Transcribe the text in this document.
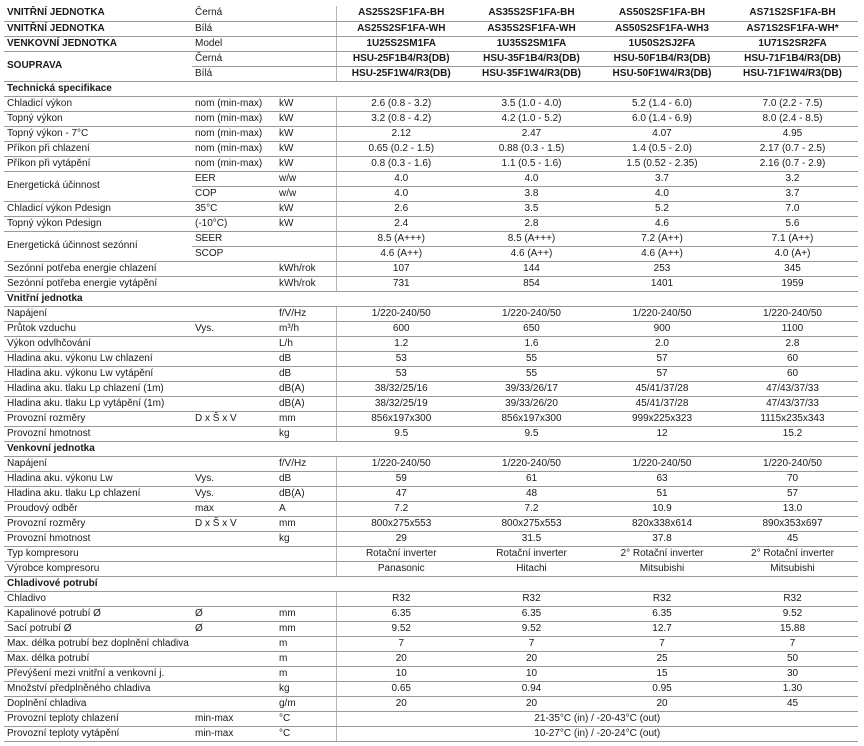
VNITŘNÍ JEDNOTKA	Černá		AS25S2SF1FA-BH	AS35S2SF1FA-BH	AS50S2SF1FA-BH	AS71S2SF1FA-BH
VNITŘNÍ JEDNOTKA	Bílá		AS25S2SF1FA-WH	AS35S2SF1FA-WH	AS50S2SF1FA-WH3	AS71S2SF1FA-WH*
VENKOVNÍ JEDNOTKA	Model		1U25S2SM1FA	1U35S2SM1FA	1U50S2SJ2FA	1U71S2SR2FA
SOUPRAVA	Černá		HSU-25F1B4/R3(DB)	HSU-35F1B4/R3(DB)	HSU-50F1B4/R3(DB)	HSU-71F1B4/R3(DB)
	Bílá		HSU-25F1W4/R3(DB)	HSU-35F1W4/R3(DB)	HSU-50F1W4/R3(DB)	HSU-71F1W4/R3(DB)
Technická specifikace						
Chladicí výkon	nom (min-max)	kW	2.6 (0.8 - 3.2)	3.5 (1.0 - 4.0)	5.2 (1.4 - 6.0)	7.0 (2.2 - 7.5)
Topný výkon	nom (min-max)	kW	3.2 (0.8 - 4.2)	4.2 (1.0 - 5.2)	6.0 (1.4 - 6.9)	8.0 (2.4 - 8.5)
Topný výkon - 7°C	nom (min-max)	kW	2.12	2.47	4.07	4.95
Příkon při chlazení	nom (min-max)	kW	0.65 (0.2 - 1.5)	0.88 (0.3 - 1.5)	1.4 (0.5 - 2.0)	2.17 (0.7 - 2.5)
Příkon při vytápění	nom (min-max)	kW	0.8 (0.3 - 1.6)	1.1 (0.5 - 1.6)	1.5 (0.52 - 2.35)	2.16 (0.7 - 2.9)
Energetická účinnost	EER	w/w	4.0	4.0	3.7	3.2
	COP	w/w	4.0	3.8	4.0	3.7
Chladicí výkon Pdesign	35°C	kW	2.6	3.5	5.2	7.0
Topný výkon Pdesign	(-10°C)	kW	2.4	2.8	4.6	5.6
Energetická účinnost sezónní	SEER		8.5 (A+++)	8.5 (A+++)	7.2 (A++)	7.1 (A++)
	SCOP		4.6 (A++)	4.6 (A++)	4.6 (A++)	4.0 (A+)
Sezónní potřeba energie chlazení		kWh/rok	107	144	253	345
Sezónní potřeba energie vytápění		kWh/rok	731	854	1401	1959
Vnitřní jednotka						
Napájení		f/V/Hz	1/220-240/50	1/220-240/50	1/220-240/50	1/220-240/50
Průtok vzduchu	Vys.	m³/h	600	650	900	1100
Výkon odvlhčování		L/h	1.2	1.6	2.0	2.8
Hladina aku. výkonu Lw chlazení		dB	53	55	57	60
Hladina aku. výkonu Lw vytápění		dB	53	55	57	60
Hladina aku. tlaku Lp chlazení (1m)		dB(A)	38/32/25/16	39/33/26/17	45/41/37/28	47/43/37/33
Hladina aku. tlaku Lp vytápění (1m)		dB(A)	38/32/25/19	39/33/26/20	45/41/37/28	47/43/37/33
Provozní rozměry	D x Š x V	mm	856x197x300	856x197x300	999x225x323	1115x235x343
Provozní hmotnost		kg	9.5	9.5	12	15.2
Venkovní jednotka						
Napájení		f/V/Hz	1/220-240/50	1/220-240/50	1/220-240/50	1/220-240/50
Hladina aku. výkonu Lw	Vys.	dB	59	61	63	70
Hladina aku. tlaku Lp chlazení	Vys.	dB(A)	47	48	51	57
Proudový odběr	max	A	7.2	7.2	10.9	13.0
Provozní rozměry	D x Š x V	mm	800x275x553	800x275x553	820x338x614	890x353x697
Provozní hmotnost		kg	29	31.5	37.8	45
Typ kompresoru			Rotační inverter	Rotační inverter	2° Rotační inverter	2° Rotační inverter
Výrobce kompresoru			Panasonic	Hitachi	Mitsubishi	Mitsubishi
Chladivové potrubí						
Chladivo			R32	R32	R32	R32
Kapalinové potrubí Ø	Ø	mm	6.35	6.35	6.35	9.52
Sací potrubí Ø	Ø	mm	9.52	9.52	12.7	15.88
Max. délka potrubí bez doplnění chladiva		m	7	7	7	7
Max. délka potrubí		m	20	20	25	50
Převýšení mezi vnitřní a venkovní j.		m	10	10	15	30
Množství předplněného chladiva		kg	0.65	0.94	0.95	1.30
Doplnění chladiva		g/m	20	20	20	45
Provozní teploty chlazení	min-max	°C	21-35°C (in) / -20-43°C (out)			
Provozní teploty vytápění	min-max	°C	10-27°C (in) / -20-24°C (out)			
